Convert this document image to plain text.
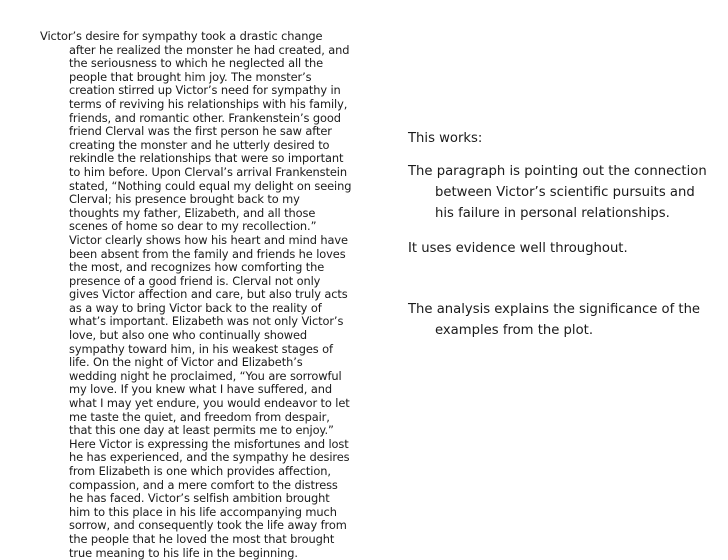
Victor’s desire for sympathy took a drastic change after he realized the monster he had created, and the seriousness to which he neglected all the people that brought him joy. The monster’s creation stirred up Victor’s need for sympathy in terms of reviving his relationships with his family, friends, and romantic other. Frankenstein’s good friend Clerval was the first person he saw after creating the monster and he utterly desired to rekindle the relationships that were so important to him before. Upon Clerval’s arrival Frankenstein stated, “Nothing could equal my delight on seeing Clerval; his presence brought back to my thoughts my father, Elizabeth, and all those scenes of home so dear to my recollection.” Victor clearly shows how his heart and mind have been absent from the family and friends he loves the most, and recognizes how comforting the presence of a good friend is. Clerval not only gives Victor affection and care, but also truly acts as a way to bring Victor back to the reality of what’s important. Elizabeth was not only Victor’s love, but also one who continually showed sympathy toward him, in his weakest stages of life. On the night of Victor and Elizabeth’s wedding night he proclaimed, “You are sorrowful my love. If you knew what I have suffered, and what I may yet endure, you would endeavor to let me taste the quiet, and freedom from despair, that this one day at least permits me to enjoy.” Here Victor is expressing the misfortunes and lost he has experienced, and the sympathy he desires from Elizabeth is one which provides affection, compassion, and a mere comfort to the distress he has faced. Victor’s selfish ambition brought him to this place in his life accompanying much sorrow, and consequently took the life away from the people that he loved the most that brought true meaning to his life in the beginning.

This works:

The paragraph is pointing out the connection between Victor’s scientific pursuits and his failure in personal relationships.

It uses evidence well throughout.

The analysis explains the significance of the examples from the plot.
